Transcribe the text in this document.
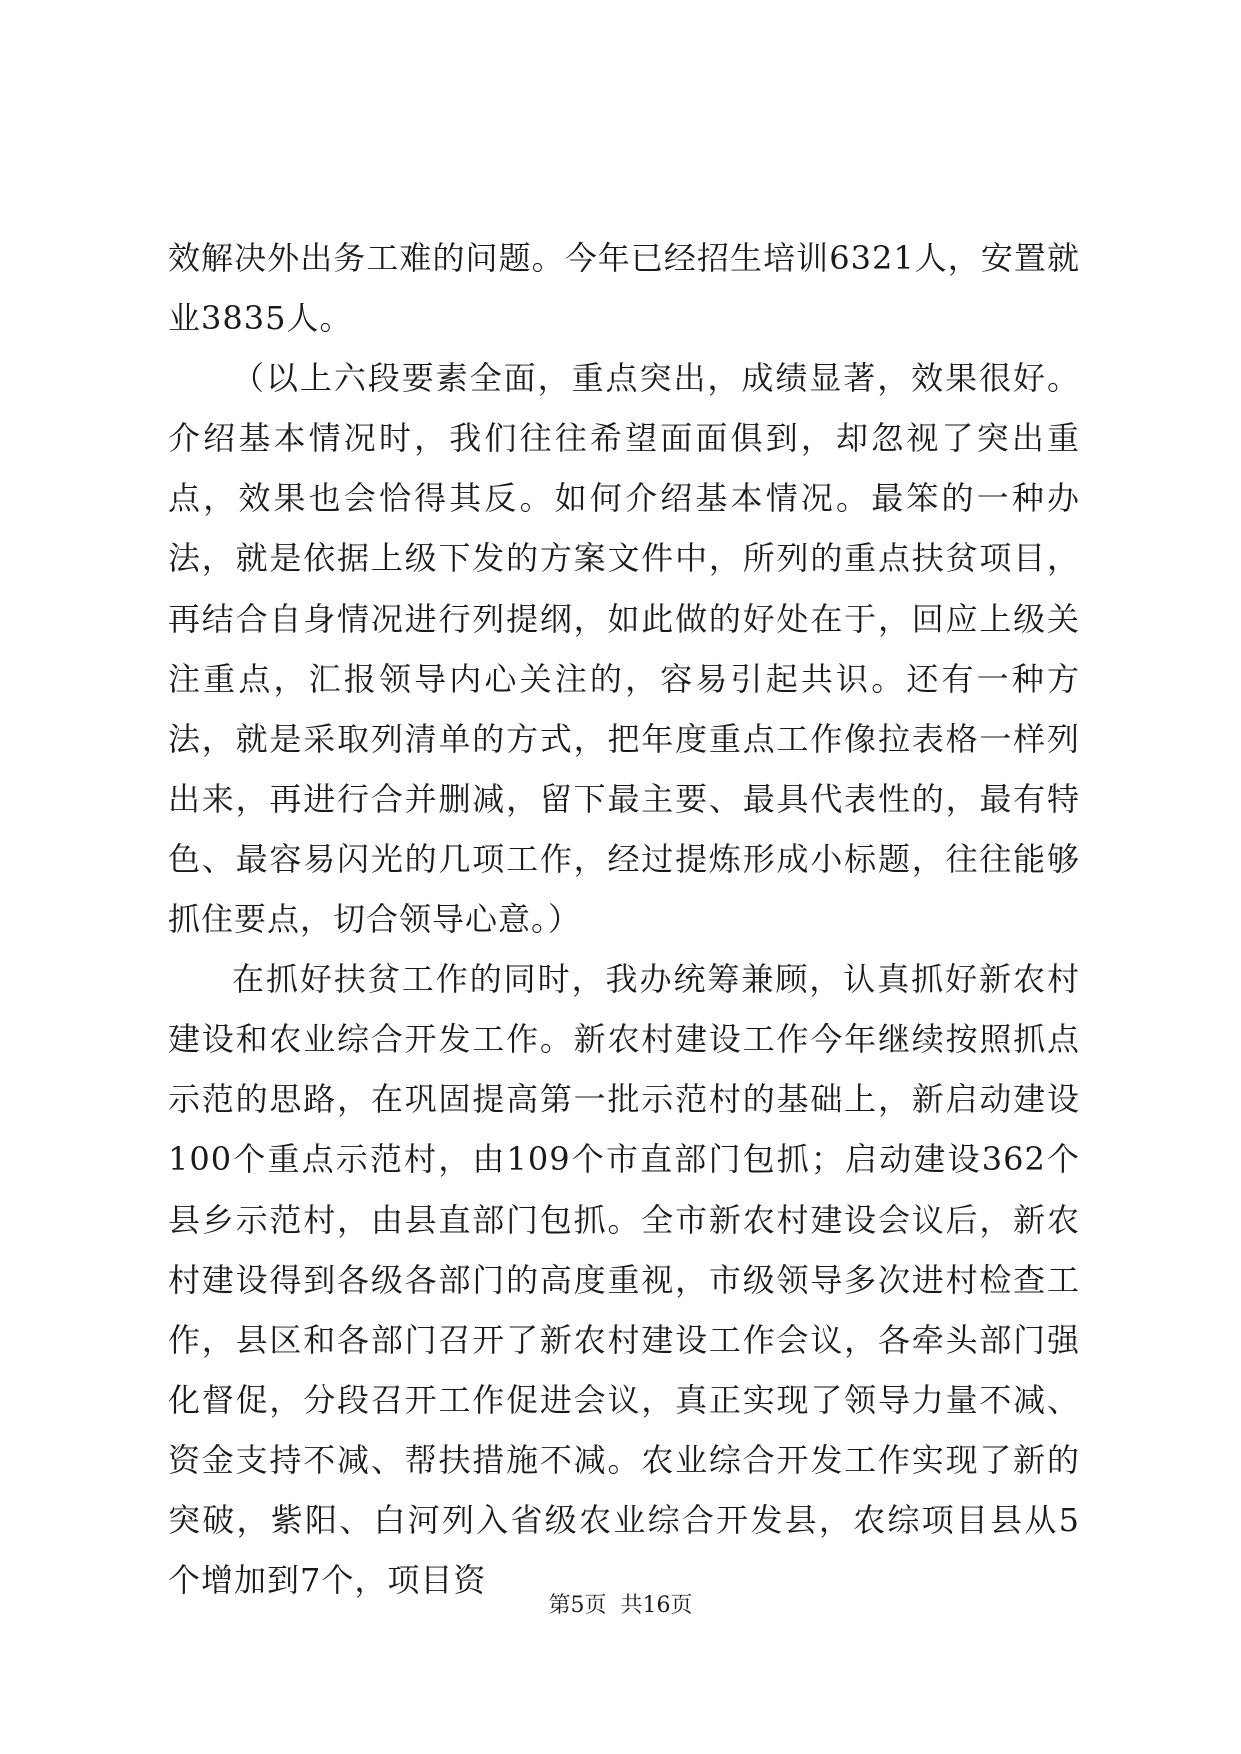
效解决外出务工难的问题。今年已经招生培训6321人，安置就业3835人。

（以上六段要素全面，重点突出，成绩显著，效果很好。介绍基本情况时，我们往往希望面面俱到，却忽视了突出重点，效果也会恰得其反。如何介绍基本情况。最笨的一种办法，就是依据上级下发的方案文件中，所列的重点扶贫项目，再结合自身情况进行列提纲，如此做的好处在于，回应上级关注重点，汇报领导内心关注的，容易引起共识。还有一种方法，就是采取列清单的方式，把年度重点工作像拉表格一样列出来，再进行合并删减，留下最主要、最具代表性的，最有特色、最容易闪光的几项工作，经过提炼形成小标题，往往能够抓住要点，切合领导心意。）

在抓好扶贫工作的同时，我办统筹兼顾，认真抓好新农村建设和农业综合开发工作。新农村建设工作今年继续按照抓点示范的思路，在巩固提高第一批示范村的基础上，新启动建设100个重点示范村，由109个市直部门包抓；启动建设362个县乡示范村，由县直部门包抓。全市新农村建设会议后，新农村建设得到各级各部门的高度重视，市级领导多次进村检查工作，县区和各部门召开了新农村建设工作会议，各牵头部门强化督促，分段召开工作促进会议，真正实现了领导力量不减、资金支持不减、帮扶措施不减。农业综合开发工作实现了新的突破，紫阳、白河列入省级农业综合开发县，农综项目县从5个增加到7个，项目资

第5页  共16页
